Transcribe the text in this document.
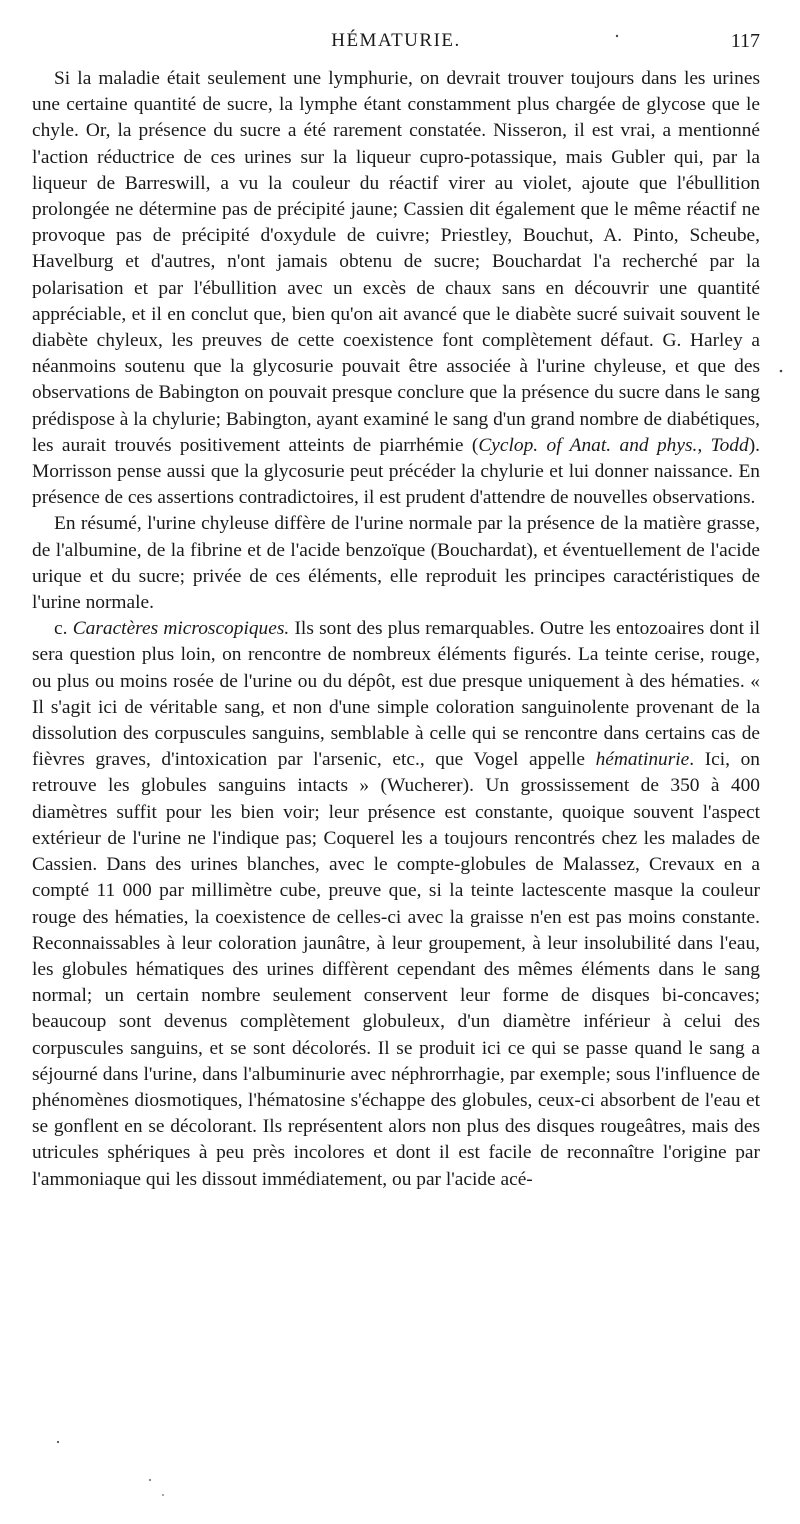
HÉMATURIE.	117

Si la maladie était seulement une lymphurie, on devrait trouver toujours dans les urines une certaine quantité de sucre, la lymphe étant constamment plus chargée de glycose que le chyle. Or, la présence du sucre a été rarement constatée. Nisseron, il est vrai, a mentionné l'action réductrice de ces urines sur la liqueur cupro-potassique, mais Gubler qui, par la liqueur de Barreswill, a vu la couleur du réactif virer au violet, ajoute que l'ébullition prolongée ne détermine pas de précipité jaune; Cassien dit également que le même réactif ne provoque pas de précipité d'oxydule de cuivre; Priestley, Bouchut, A. Pinto, Scheube, Havelburg et d'autres, n'ont jamais obtenu de sucre; Bouchardat l'a recherché par la polarisation et par l'ébullition avec un excès de chaux sans en découvrir une quantité appréciable, et il en conclut que, bien qu'on ait avancé que le diabète sucré suivait souvent le diabète chyleux, les preuves de cette coexistence font complètement défaut. G. Harley a néanmoins soutenu que la glycosurie pouvait être associée à l'urine chyleuse, et que des observations de Babington on pouvait presque conclure que la présence du sucre dans le sang prédispose à la chylurie; Babington, ayant examiné le sang d'un grand nombre de diabétiques, les aurait trouvés positivement atteints de piarrhémie (Cyclop. of Anat. and phys., Todd). Morrisson pense aussi que la glycosurie peut précéder la chylurie et lui donner naissance. En présence de ces assertions contradictoires, il est prudent d'attendre de nouvelles observations.

En résumé, l'urine chyleuse diffère de l'urine normale par la présence de la matière grasse, de l'albumine, de la fibrine et de l'acide benzoïque (Bouchardat), et éventuellement de l'acide urique et du sucre; privée de ces éléments, elle reproduit les principes caractéristiques de l'urine normale.

c. Caractères microscopiques. Ils sont des plus remarquables. Outre les entozoaires dont il sera question plus loin, on rencontre de nombreux éléments figurés. La teinte cerise, rouge, ou plus ou moins rosée de l'urine ou du dépôt, est due presque uniquement à des hématies. « Il s'agit ici de véritable sang, et non d'une simple coloration sanguinolente provenant de la dissolution des corpuscules sanguins, semblable à celle qui se rencontre dans certains cas de fièvres graves, d'intoxication par l'arsenic, etc., que Vogel appelle hématinurie. Ici, on retrouve les globules sanguins intacts » (Wucherer). Un grossissement de 350 à 400 diamètres suffit pour les bien voir; leur présence est constante, quoique souvent l'aspect extérieur de l'urine ne l'indique pas; Coquerel les a toujours rencontrés chez les malades de Cassien. Dans des urines blanches, avec le compte-globules de Malassez, Crevaux en a compté 11 000 par millimètre cube, preuve que, si la teinte lactescente masque la couleur rouge des hématies, la coexistence de celles-ci avec la graisse n'en est pas moins constante. Reconnaissables à leur coloration jaunâtre, à leur groupement, à leur insolubilité dans l'eau, les globules hématiques des urines diffèrent cependant des mêmes éléments dans le sang normal; un certain nombre seulement conservent leur forme de disques bi-concaves; beaucoup sont devenus complètement globuleux, d'un diamètre inférieur à celui des corpuscules sanguins, et se sont décolorés. Il se produit ici ce qui se passe quand le sang a séjourné dans l'urine, dans l'albuminurie avec néphrorrhagie, par exemple; sous l'influence de phénomènes diosmotiques, l'hématosine s'échappe des globules, ceux-ci absorbent de l'eau et se gonflent en se décolorant. Ils représentent alors non plus des disques rougeâtres, mais des utricules sphériques à peu près incolores et dont il est facile de reconnaître l'origine par l'ammoniaque qui les dissout immédiatement, ou par l'acide acé-
